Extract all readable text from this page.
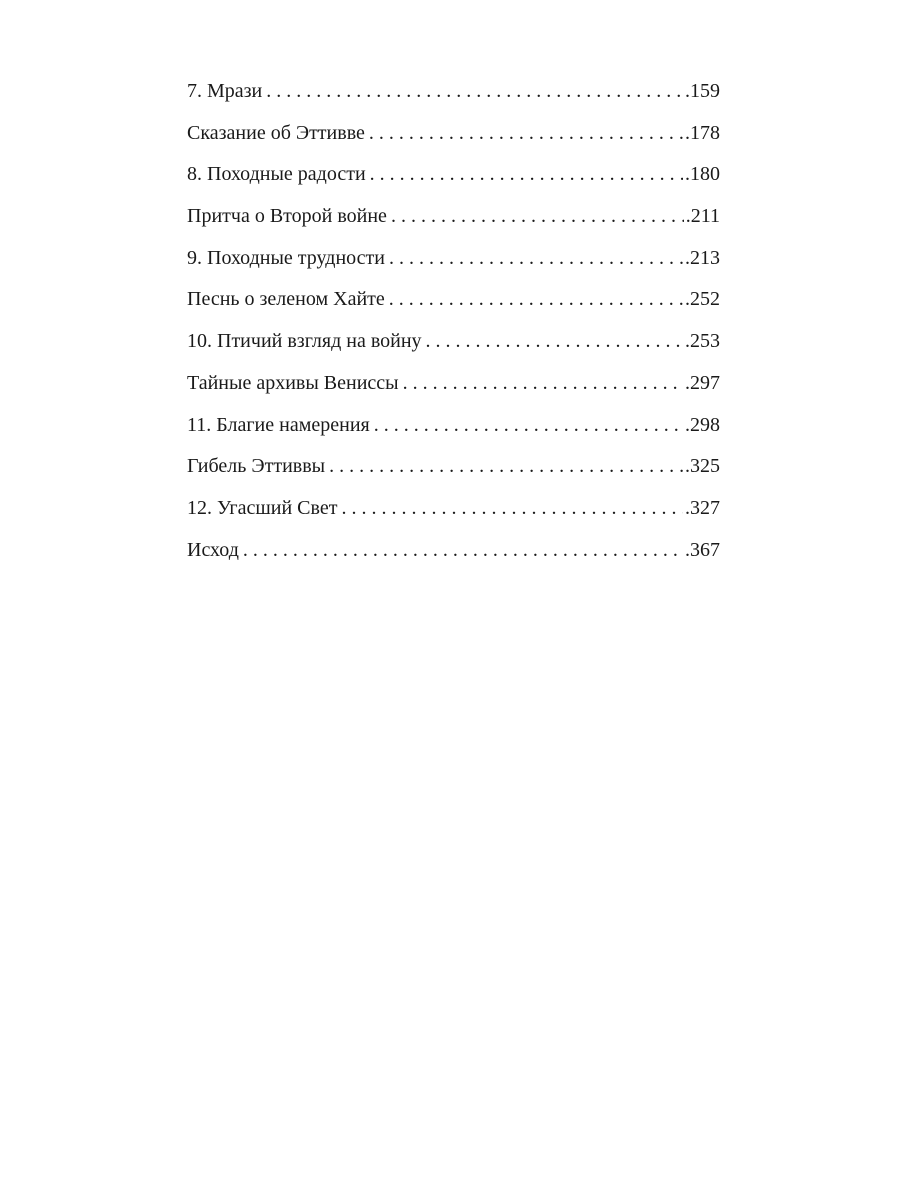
7. Мрази . . .	.159
Сказание об Эттивве . . .	.178
8. Походные радости . . .	.180
Притча о Второй войне . . .	.211
9. Походные трудности . . .	.213
Песнь о зеленом Хайте . . .	.252
10. Птичий взгляд на войну . . .	.253
Тайные архивы Вениссы . . .	.297
11. Благие намерения . . .	.298
Гибель Эттиввы . . .	.325
12. Угасший Свет . . .	.327
Исход . . .	.367
